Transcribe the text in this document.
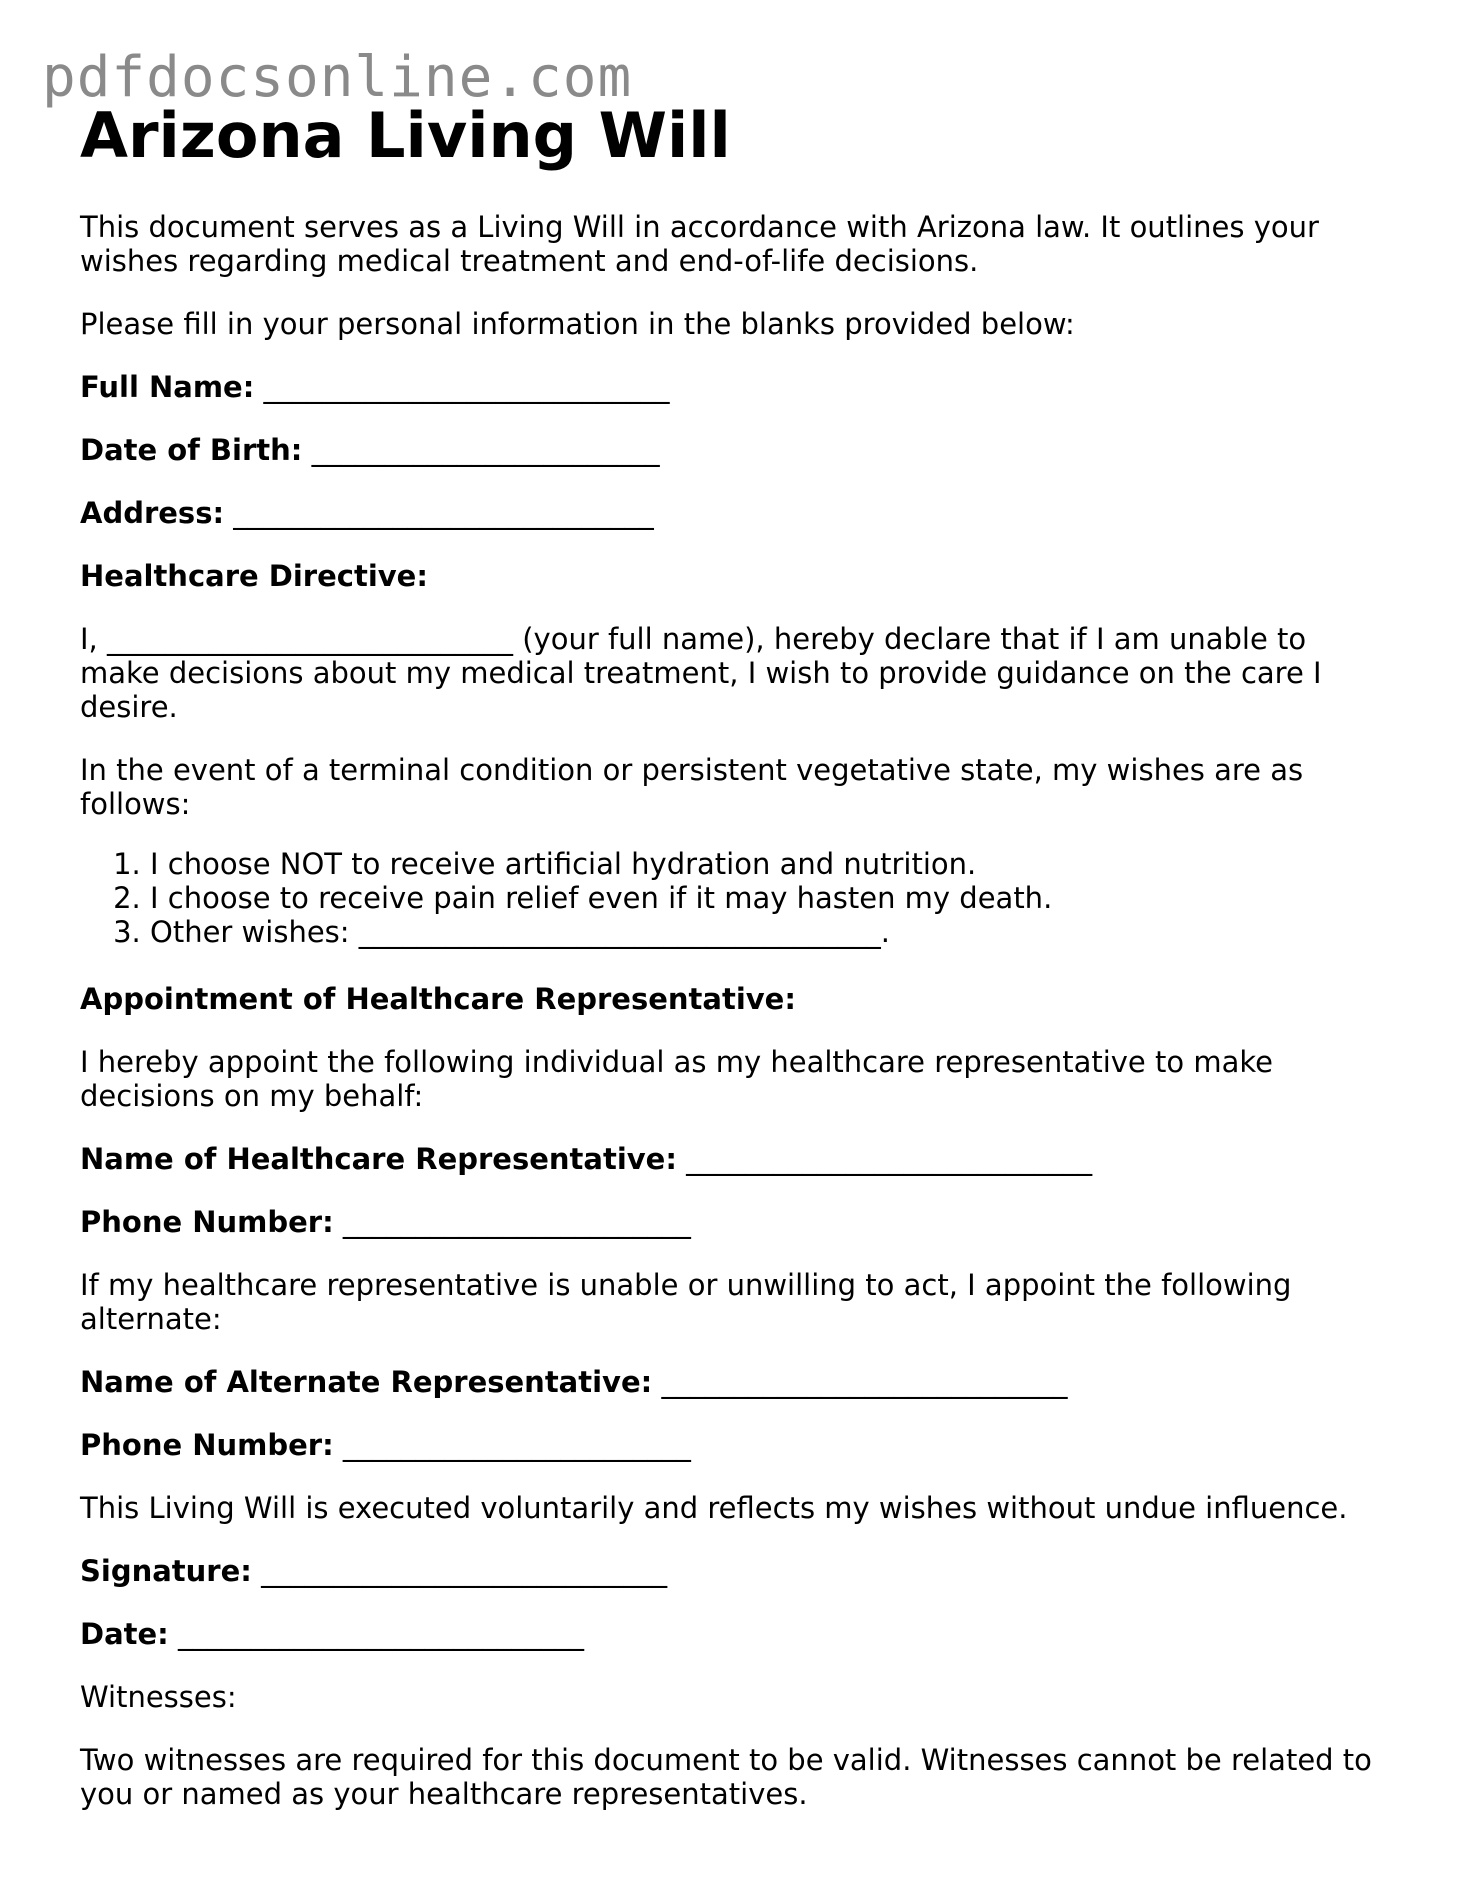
pdfdocsonline.com
Arizona Living Will

This document serves as a Living Will in accordance with Arizona law. It outlines your wishes regarding medical treatment and end-of-life decisions.

Please fill in your personal information in the blanks provided below:

Full Name: ____________________________

Date of Birth: ________________________

Address: _____________________________

Healthcare Directive:

I, ____________________________ (your full name), hereby declare that if I am unable to make decisions about my medical treatment, I wish to provide guidance on the care I desire.

In the event of a terminal condition or persistent vegetative state, my wishes are as follows:

1. I choose NOT to receive artificial hydration and nutrition.
2. I choose to receive pain relief even if it may hasten my death.
3. Other wishes: ____________________________________.

Appointment of Healthcare Representative:

I hereby appoint the following individual as my healthcare representative to make decisions on my behalf:

Name of Healthcare Representative: ____________________________

Phone Number: ________________________

If my healthcare representative is unable or unwilling to act, I appoint the following alternate:

Name of Alternate Representative: ____________________________

Phone Number: ________________________

This Living Will is executed voluntarily and reflects my wishes without undue influence.

Signature: ____________________________

Date: ____________________________

Witnesses:

Two witnesses are required for this document to be valid. Witnesses cannot be related to you or named as your healthcare representatives.
